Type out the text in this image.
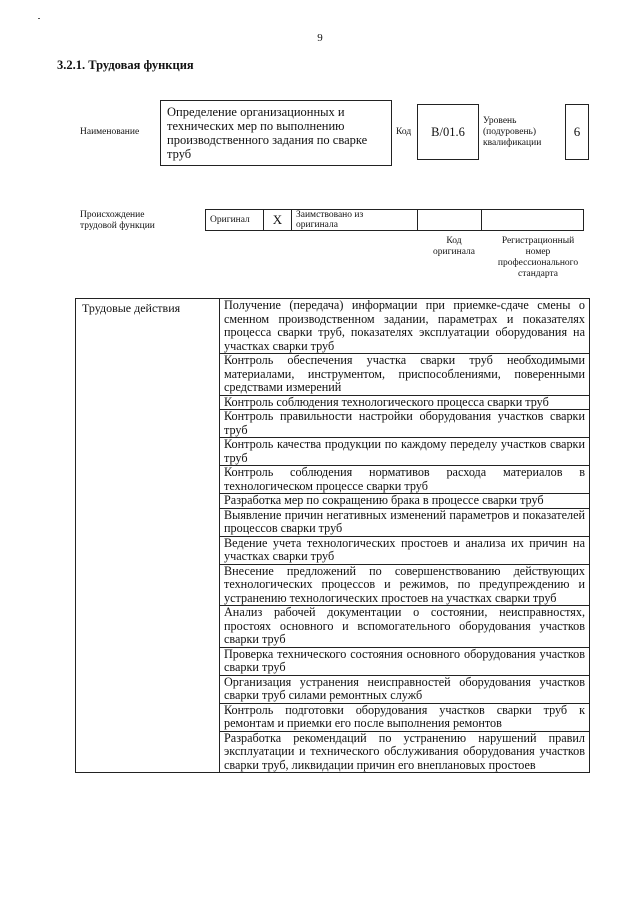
9
3.2.1. Трудовая функция
Наименование
Определение организационных и технических мер по выполнению производственного задания по сварке труб
Код	B/01.6
Уровень
(подуровень)
квалификации
6
Происхождение
трудовой функции
Оригинал	X	Заимствовано из
оригинала

Код
оригинала
Регистрационный
номер
профессионального
стандарта
Трудовые действия	Получение (передача) информации при приемке-сдаче смены о сменном производственном задании, параметрах и показателях процесса сварки труб, показателях эксплуатации оборудования на участках сварки труб
Контроль обеспечения участка сварки труб необходимыми материалами, инструментом, приспособлениями, поверенными средствами измерений
Контроль соблюдения технологического процесса сварки труб
Контроль правильности настройки оборудования участков сварки труб
Контроль качества продукции по каждому переделу участков сварки труб
Контроль соблюдения нормативов расхода материалов в технологическом процессе сварки труб
Разработка мер по сокращению брака в процессе сварки труб
Выявление причин негативных изменений параметров и показателей процессов сварки труб
Ведение учета технологических простоев и анализа их причин на участках сварки труб
Внесение предложений по совершенствованию действующих технологических процессов и режимов, по предупреждению и устранению технологических простоев на участках сварки труб
Анализ рабочей документации о состоянии, неисправностях, простоях основного и вспомогательного оборудования участков сварки труб
Проверка технического состояния основного оборудования участков сварки труб
Организация устранения неисправностей оборудования участков сварки труб силами ремонтных служб
Контроль подготовки оборудования участков сварки труб к ремонтам и приемки его после выполнения ремонтов
Разработка рекомендаций по устранению нарушений правил эксплуатации и технического обслуживания оборудования участков сварки труб, ликвидации причин его внеплановых простоев
